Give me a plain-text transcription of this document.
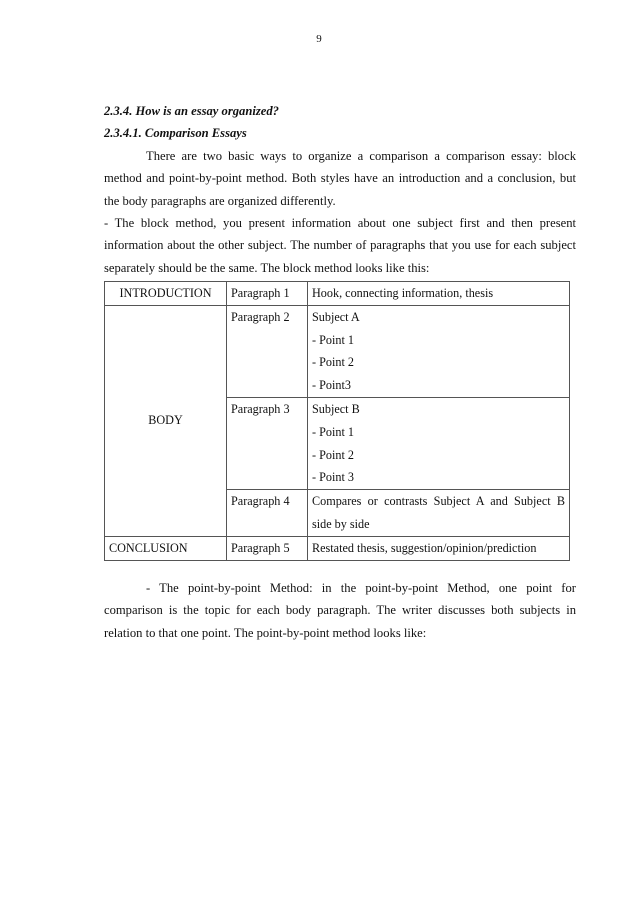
9
2.3.4. How is an essay organized?
2.3.4.1. Comparison Essays
There are two basic ways to organize a comparison a comparison essay: block method and point-by-point method. Both styles have an introduction and a conclusion, but the body paragraphs are organized differently.
- The block method, you present information about one subject first and then present information about the other subject. The number of paragraphs that you use for each subject separately should be the same. The block method looks like this:
INTRODUCTION	Paragraph 1	Hook, connecting information, thesis
BODY	Paragraph 2	Subject A
- Point 1
- Point 2
- Point3

	Paragraph 3	Subject B
- Point 1
- Point 2
- Point 3

	Paragraph 4	Compares or contrasts Subject A and Subject B side by side
CONCLUSION	Paragraph 5	Restated thesis, suggestion/opinion/prediction
- The point-by-point Method: in the point-by-point Method, one point for comparison is the topic for each body paragraph. The writer discusses both subjects in relation to that one point. The point-by-point method looks like:
